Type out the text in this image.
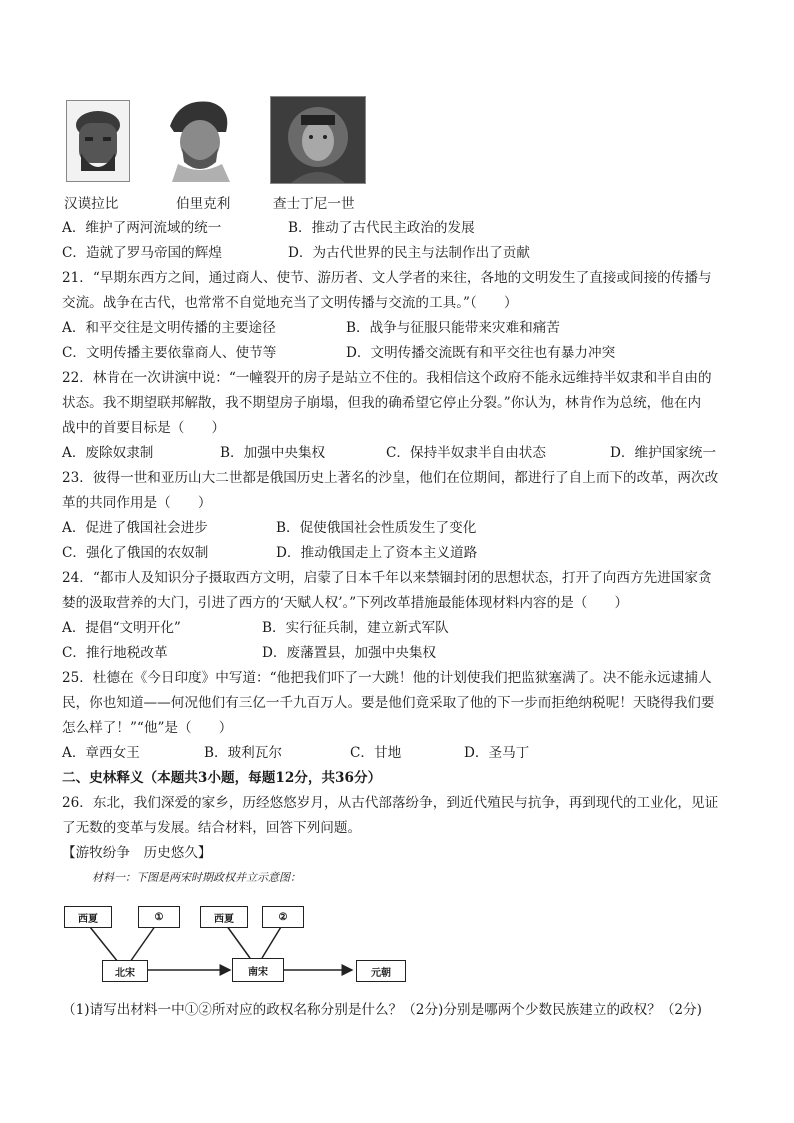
汉谟拉比	伯里克利	查士丁尼一世
A．维护了两河流域的统一	B．推动了古代民主政治的发展
C．造就了罗马帝国的辉煌	D．为古代世界的民主与法制作出了贡献
21．“早期东西方之间，通过商人、使节、游历者、文人学者的来往，各地的文明发生了直接或间接的传播与
交流。战争在古代，也常常不自觉地充当了文明传播与交流的工具。”（　　）
A．和平交往是文明传播的主要途径	B．战争与征服只能带来灾难和痛苦
C．文明传播主要依靠商人、使节等	D．文明传播交流既有和平交往也有暴力冲突
22．林肯在一次讲演中说：“一幢裂开的房子是站立不住的。我相信这个政府不能永远维持半奴隶和半自由的
状态。我不期望联邦解散，我不期望房子崩塌，但我的确希望它停止分裂。”你认为，林肯作为总统，他在内
战中的首要目标是（　　）
A．废除奴隶制	B．加强中央集权	C．保持半奴隶半自由状态	D．维护国家统一
23．彼得一世和亚历山大二世都是俄国历史上著名的沙皇，他们在位期间，都进行了自上而下的改革，两次改
革的共同作用是（　　）
A．促进了俄国社会进步	B．促使俄国社会性质发生了变化
C．强化了俄国的农奴制	D．推动俄国走上了资本主义道路
24．“都市人及知识分子摄取西方文明，启蒙了日本千年以来禁锢封闭的思想状态，打开了向西方先进国家贪
婪的汲取营养的大门，引进了西方的‘天赋人权’。”下列改革措施最能体现材料内容的是（　　）
A．提倡“文明开化”	B．实行征兵制，建立新式军队
C．推行地税改革	D．废藩置县，加强中央集权
25．杜德在《今日印度》中写道：“他把我们吓了一大跳！他的计划使我们把监狱塞满了。决不能永远逮捕人
民，你也知道——何况他们有三亿一千九百万人。要是他们竟采取了他的下一步而拒绝纳税呢！天晓得我们要
怎么样了！”“他”是（　　）
A．章西女王	B．玻利瓦尔	C．甘地	D．圣马丁
二、史林释义（本题共3小题，每题12分，共36分）
26．东北，我们深爱的家乡，历经悠悠岁月，从古代部落纷争，到近代殖民与抗争，再到现代的工业化，见证
了无数的变革与发展。结合材料，回答下列问题。
【游牧纷争　历史悠久】
材料一：下图是两宋时期政权并立示意图：
西夏	①	西夏	②
北宋	南宋	元朝
（1)请写出材料一中①②所对应的政权名称分别是什么？（2分)分别是哪两个少数民族建立的政权？（2分)
